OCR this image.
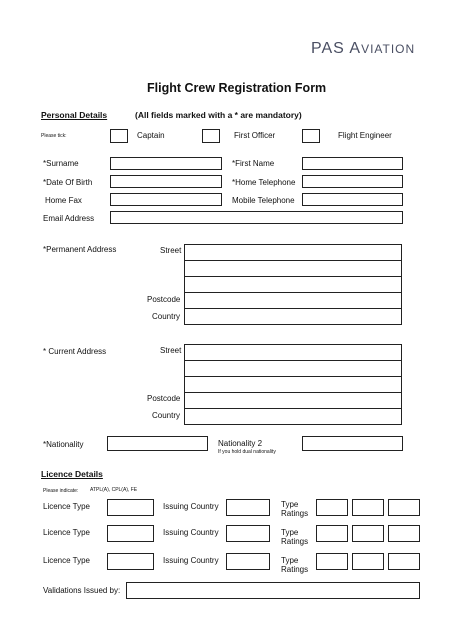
PAS AVIATION
Flight Crew Registration Form
Personal Details	(All fields marked with a * are mandatory)
Please tick:	Captain	First Officer	Flight Engineer
*Surname	*First Name
*Date Of Birth	*Home Telephone
Home Fax	Mobile Telephone
Email Address
*Permanent Address	Street
Postcode
Country
* Current Address	Street
Postcode
Country
*Nationality	Nationality 2
If you hold dual nationality
Licence Details
Please indicate: ATPL(A), CPL(A), FE
Licence Type	Issuing Country	Type
Ratings
Licence Type	Issuing Country	Type
Ratings
Licence Type	Issuing Country	Type
Ratings
Validations Issued by:
